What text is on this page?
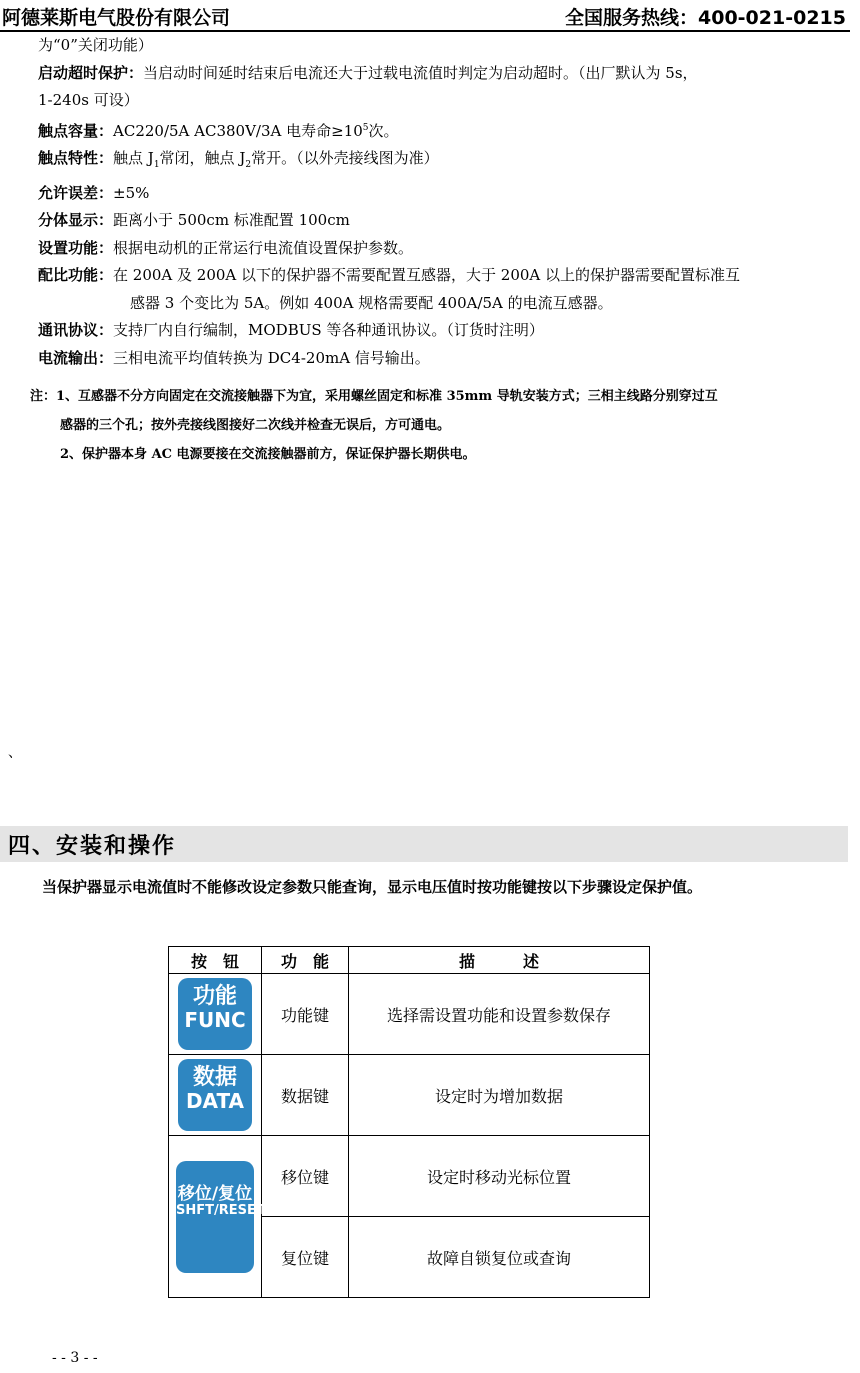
阿德莱斯电气股份有限公司	全国服务热线：400-021-0215
为“0”关闭功能）
启动超时保护：当启动时间延时结束后电流还大于过载电流值时判定为启动超时。（出厂默认为 5s，
1-240s 可设）
触点容量：AC220/5A AC380V/3A 电寿命$\ge 10^5$次。
触点特性：触点 $J_1$常闭，触点 $J_2$常开。（以外壳接线图为准）
允许误差：±5%
分体显示：距离小于 500cm 标准配置 100cm
设置功能：根据电动机的正常运行电流值设置保护参数。
配比功能：在 200A 及 200A 以下的保护器不需要配置互感器，大于 200A 以上的保护器需要配置标准互
感器 3 个变比为 5A。例如 400A 规格需要配 400A/5A 的电流互感器。
通讯协议：支持厂内自行编制，MODBUS 等各种通讯协议。（订货时注明）
电流输出：三相电流平均值转换为 DC4-20mA 信号输出。
注：1、互感器不分方向固定在交流接触器下为宜，采用螺丝固定和标准 35mm 导轨安装方式；三相主线路分别穿过互
感器的三个孔；按外壳接线图接好二次线并检查无误后，方可通电。
2、保护器本身 AC 电源要接在交流接触器前方，保证保护器长期供电。
、
四、安装和操作
当保护器显示电流值时不能修改设定参数只能查询，显示电压值时按功能键按以下步骤设定保护值。
按　钮	功　能	描　　　述

功能
FUNC	功能键	选择需设置功能和设置参数保存

数据
DATA	数据键	设定时为增加数据

移位/复位
SHFT/RESET	移位键	设定时移动光标位置
	复位键	故障自锁复位或查询
- - 3 - -
